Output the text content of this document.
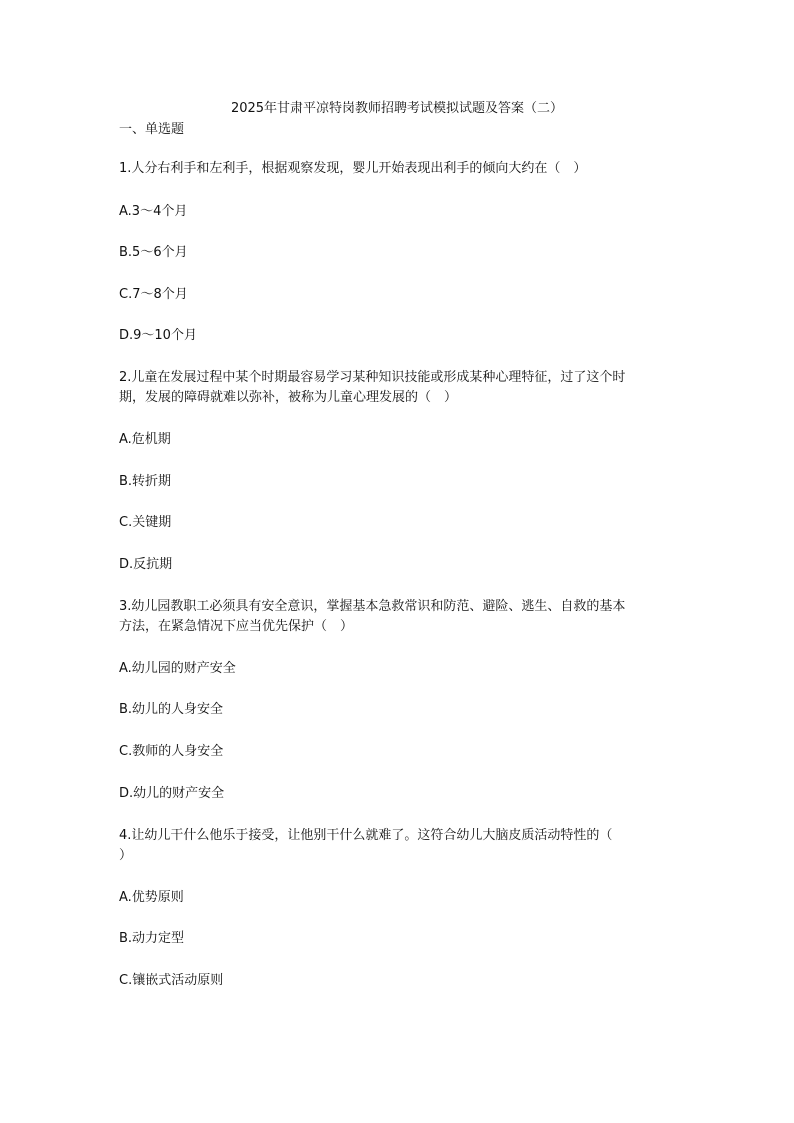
2025年甘肃平凉特岗教师招聘考试模拟试题及答案（二）
一、单选题
1.人分右利手和左利手，根据观察发现，婴儿开始表现出利手的倾向大约在（　）
A.3～4个月
B.5～6个月
C.7～8个月
D.9～10个月
2.儿童在发展过程中某个时期最容易学习某种知识技能或形成某种心理特征，过了这个时
期，发展的障碍就难以弥补，被称为儿童心理发展的（　）
A.危机期
B.转折期
C.关键期
D.反抗期
3.幼儿园教职工必须具有安全意识，掌握基本急救常识和防范、避险、逃生、自救的基本
方法，在紧急情况下应当优先保护（　）
A.幼儿园的财产安全
B.幼儿的人身安全
C.教师的人身安全
D.幼儿的财产安全
4.让幼儿干什么他乐于接受，让他别干什么就难了。这符合幼儿大脑皮质活动特性的（
）
A.优势原则
B.动力定型
C.镶嵌式活动原则
